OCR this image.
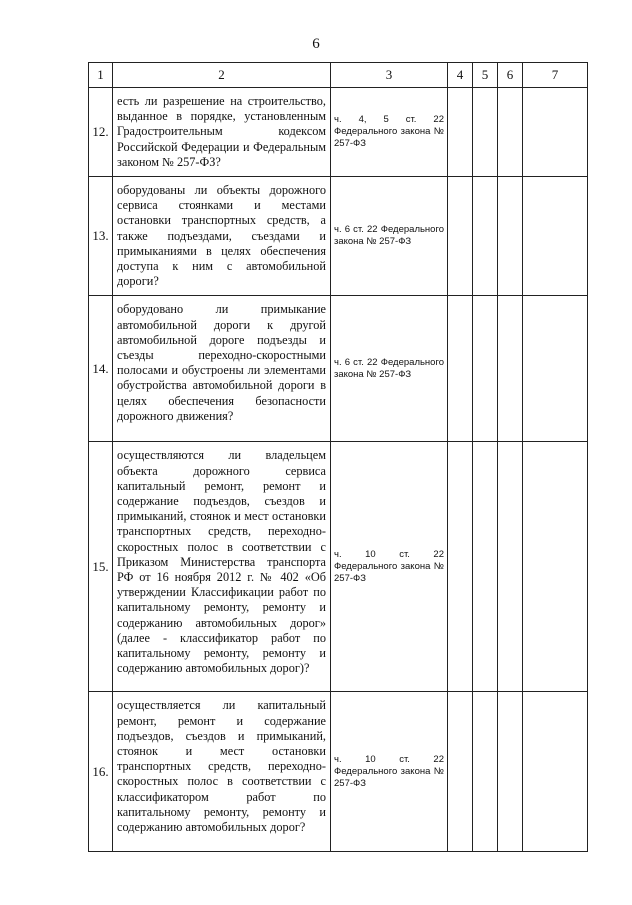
6
1	2	3	4	5	6	7
12.	есть ли разрешение на строительство, выданное в порядке, установленным Градостроительным кодексом Российской Федерации и Федеральным законом № 257-ФЗ?	ч. 4, 5 ст. 22 Федерального закона № 257-ФЗ				
13.	оборудованы ли объекты дорожного сервиса стоянками и местами остановки транспортных средств, а также подъездами, съездами и примыканиями в целях обеспечения доступа к ним с автомобильной дороги?	ч. 6 ст. 22 Федерального закона № 257-ФЗ				
14.	оборудовано ли примыкание автомобильной дороги к другой автомобильной дороге подъезды и съезды переходно-скоростными полосами и обустроены ли элементами обустройства автомобильной дороги в целях обеспечения безопасности дорожного движения?	ч. 6 ст. 22 Федерального закона № 257-ФЗ				
15.	осуществляются ли владельцем объекта дорожного сервиса капитальный ремонт, ремонт и содержание подъездов, съездов и примыканий, стоянок и мест остановки транспортных средств, переходно-скоростных полос в соответствии с Приказом Министерства транспорта РФ от 16 ноября 2012 г. № 402 «Об утверждении Классификации работ по капитальному ремонту, ремонту и содержанию автомобильных дорог» (далее - классификатор работ по капитальному ремонту, ремонту и содержанию автомобильных дорог)?	ч. 10 ст. 22 Федерального закона № 257-ФЗ				
16.	осуществляется ли капитальный ремонт, ремонт и содержание подъездов, съездов и примыканий, стоянок и мест остановки транспортных средств, переходно-скоростных полос в соответствии с классификатором работ по капитальному ремонту, ремонту и содержанию автомобильных дорог?	ч. 10 ст. 22 Федерального закона № 257-ФЗ				
